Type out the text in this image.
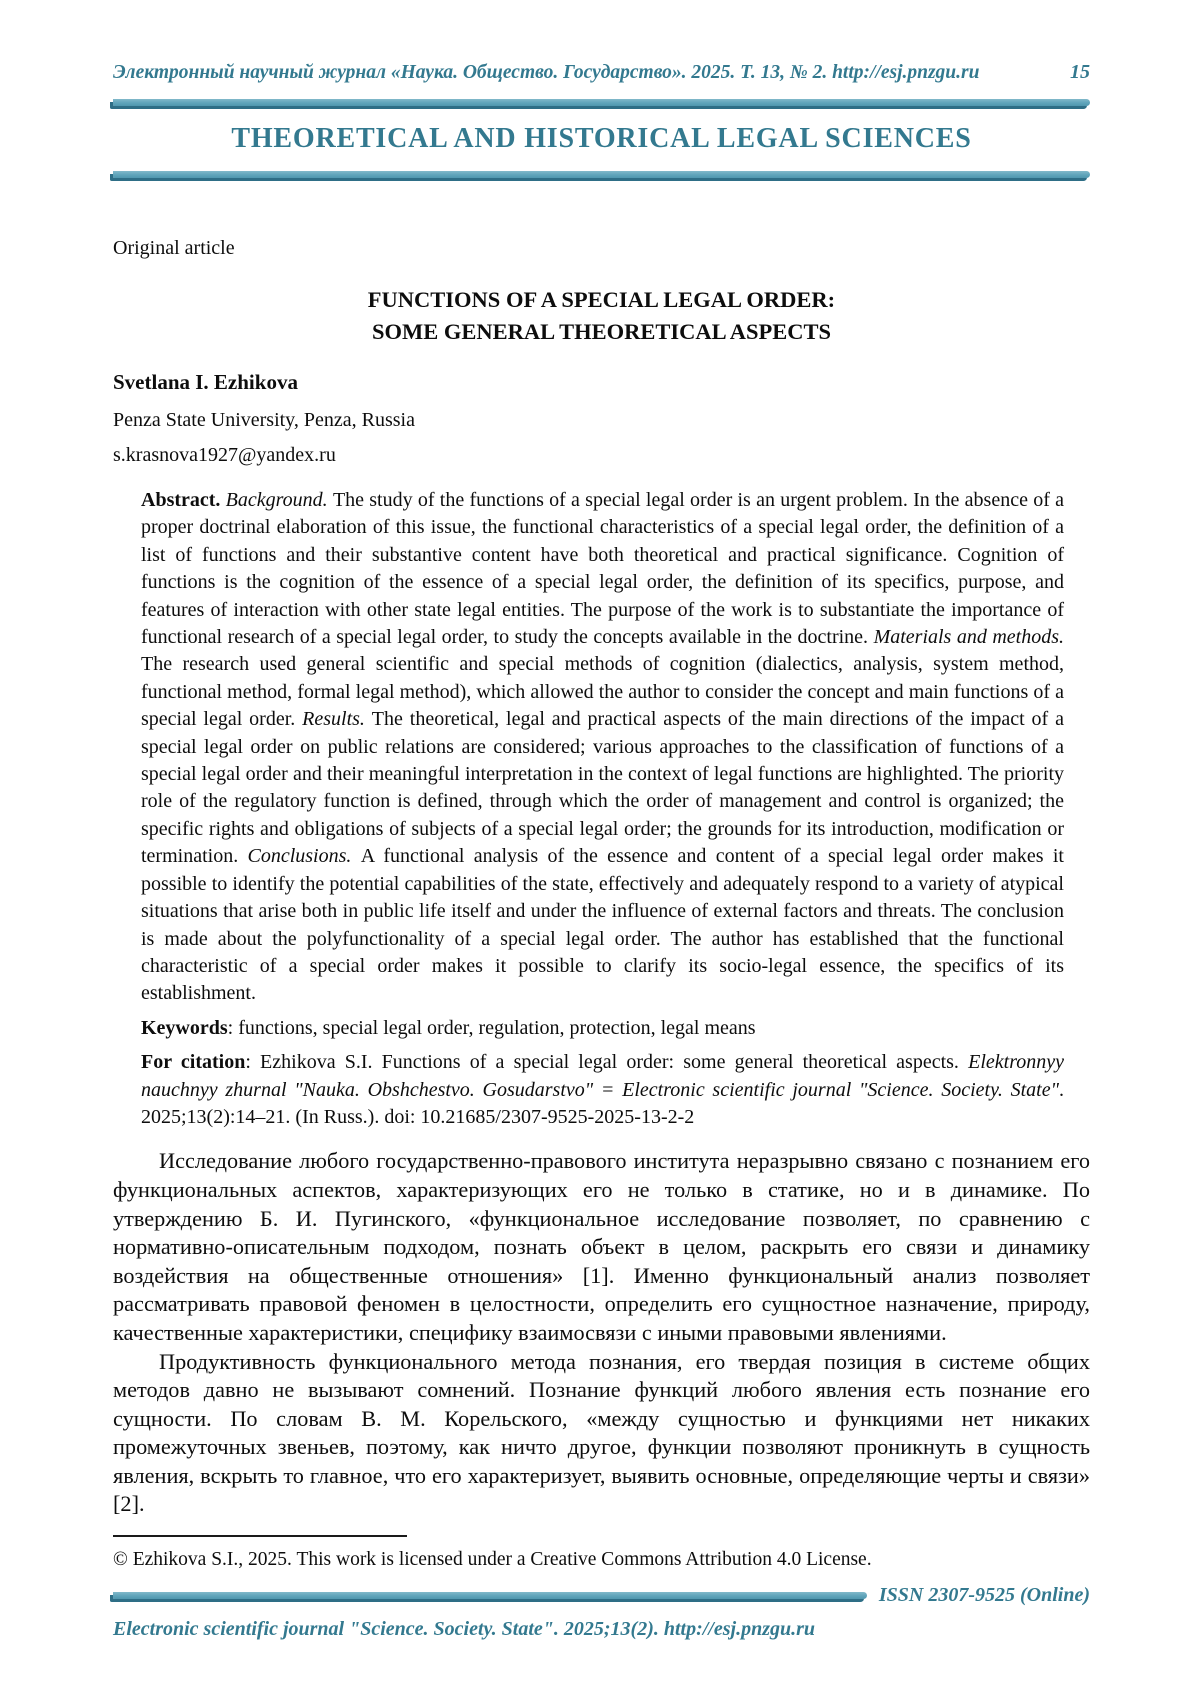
Электронный научный журнал «Наука. Общество. Государство». 2025. Т. 13, № 2. http://esj.pnzgu.ru	15
THEORETICAL AND HISTORICAL LEGAL SCIENCES
Original article
FUNCTIONS OF A SPECIAL LEGAL ORDER:
SOME GENERAL THEORETICAL ASPECTS
Svetlana I. Ezhikova
Penza State University, Penza, Russia
s.krasnova1927@yandex.ru

Abstract. Background. The study of the functions of a special legal order is an urgent problem. In the absence of a proper doctrinal elaboration of this issue, the functional characteristics of a special legal order, the definition of a list of functions and their substantive content have both theoretical and practical significance. Cognition of functions is the cognition of the essence of a special legal order, the definition of its specifics, purpose, and features of interaction with other state legal entities. The purpose of the work is to substantiate the importance of functional research of a special legal order, to study the concepts available in the doctrine. Materials and methods. The research used general scientific and special methods of cognition (dialectics, analysis, system method, functional method, formal legal method), which allowed the author to consider the concept and main functions of a special legal order. Results. The theoretical, legal and practical aspects of the main directions of the impact of a special legal order on public relations are considered; various approaches to the classification of functions of a special legal order and their meaningful interpretation in the context of legal functions are highlighted. The priority role of the regulatory function is defined, through which the order of management and control is organized; the specific rights and obligations of subjects of a special legal order; the grounds for its introduction, modification or termination. Conclusions. A functional analysis of the essence and content of a special legal order makes it possible to identify the potential capabilities of the state, effectively and adequately respond to a variety of atypical situations that arise both in public life itself and under the influence of external factors and threats. The conclusion is made about the polyfunctionality of a special legal order. The author has established that the functional characteristic of a special order makes it possible to clarify its socio-legal essence, the specifics of its establishment.

Keywords: functions, special legal order, regulation, protection, legal means

For citation: Ezhikova S.I. Functions of a special legal order: some general theoretical aspects. Elektronnyy nauchnyy zhurnal "Nauka. Obshchestvo. Gosudarstvo" = Electronic scientific journal "Science. Society. State". 2025;13(2):14–21. (In Russ.). doi: 10.21685/2307-9525-2025-13-2-2

Исследование любого государственно-правового института неразрывно связано с познанием его функциональных аспектов, характеризующих его не только в статике, но и в динамике. По утверждению Б. И. Пугинского, «функциональное исследование позволяет, по сравнению с нормативно-описательным подходом, познать объект в целом, раскрыть его связи и динамику воздействия на общественные отношения» [1]. Именно функциональный анализ позволяет рассматривать правовой феномен в целостности, определить его сущностное назначение, природу, качественные характеристики, специфику взаимосвязи с иными правовыми явлениями.

Продуктивность функционального метода познания, его твердая позиция в системе общих методов давно не вызывают сомнений. Познание функций любого явления есть познание его сущности. По словам В. М. Корельского, «между сущностью и функциями нет никаких промежуточных звеньев, поэтому, как ничто другое, функции позволяют проникнуть в сущность явления, вскрыть то главное, что его характеризует, выявить основные, определяющие черты и связи» [2].

© Ezhikova S.I., 2025. This work is licensed under a Creative Commons Attribution 4.0 License.
ISSN 2307-9525 (Online)
Electronic scientific journal "Science. Society. State". 2025;13(2). http://esj.pnzgu.ru
